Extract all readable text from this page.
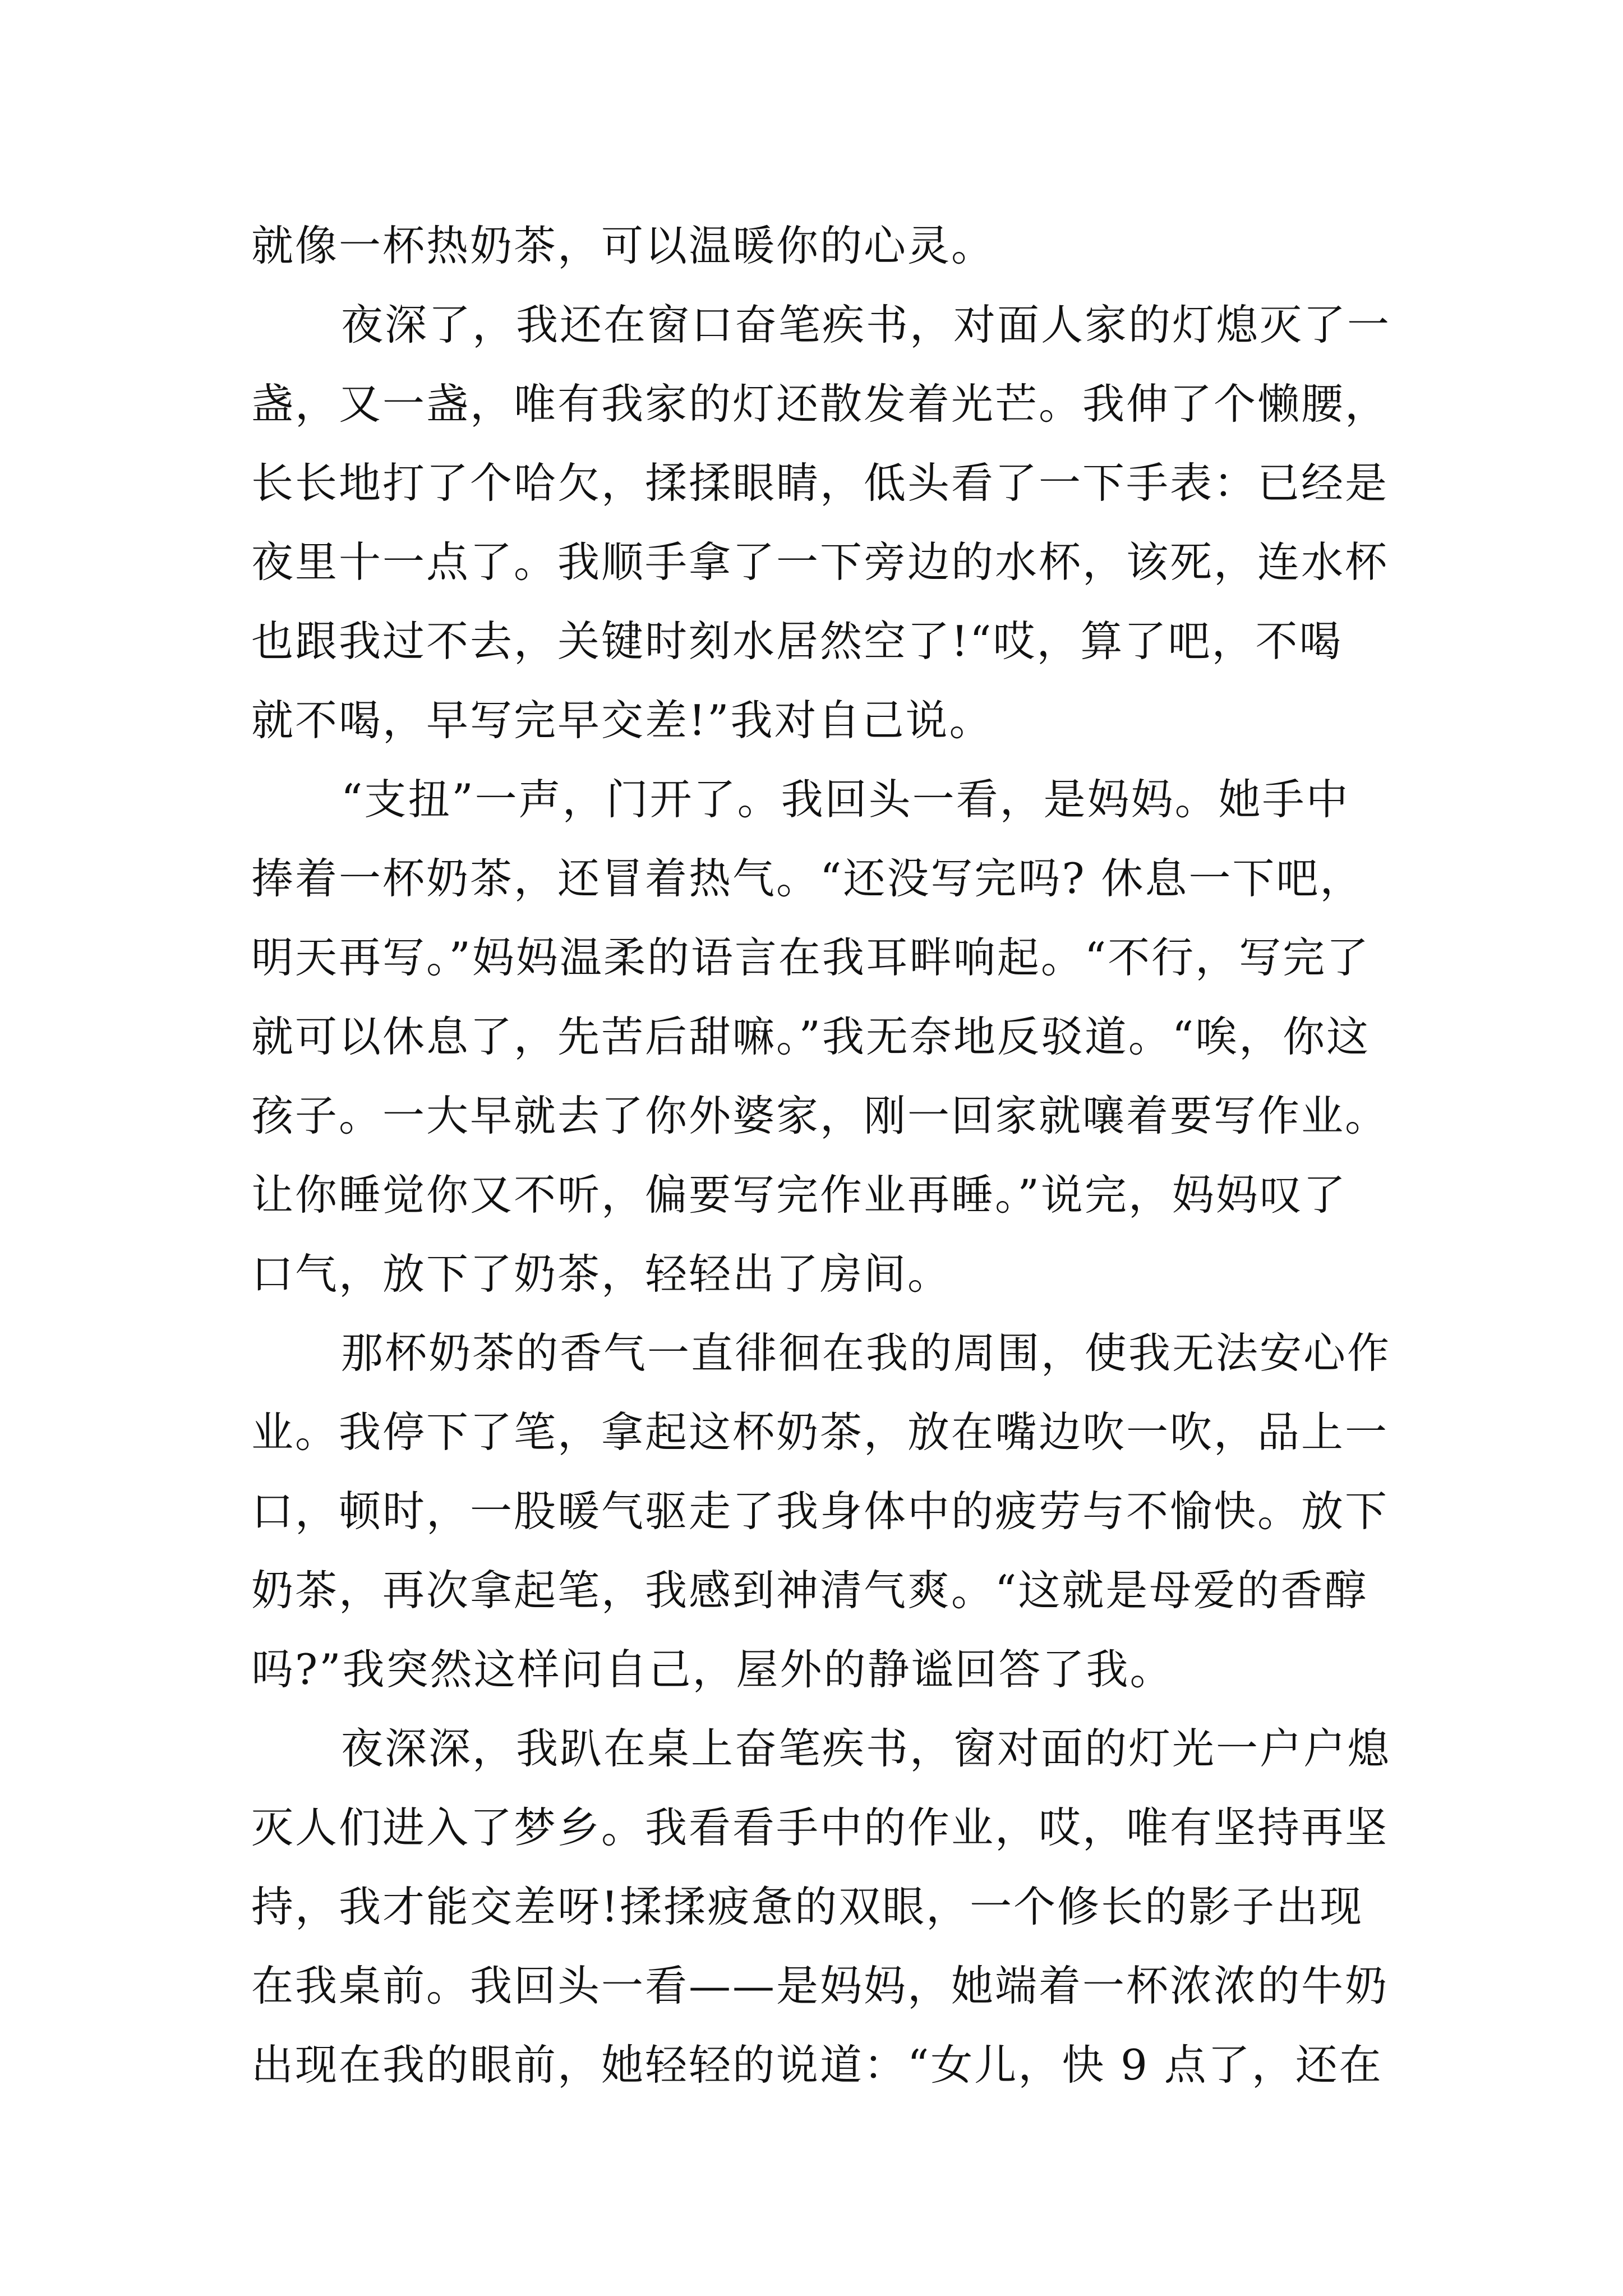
就像一杯热奶茶，可以温暖你的心灵。
夜深了，我还在窗口奋笔疾书，对面人家的灯熄灭了一
盏，又一盏，唯有我家的灯还散发着光芒。我伸了个懒腰，
长长地打了个哈欠，揉揉眼睛，低头看了一下手表：已经是
夜里十一点了。我顺手拿了一下旁边的水杯，该死，连水杯
也跟我过不去，关键时刻水居然空了!“哎，算了吧，不喝
就不喝，早写完早交差!”我对自己说。
“支扭”一声，门开了。我回头一看，是妈妈。她手中
捧着一杯奶茶，还冒着热气。“还没写完吗? 休息一下吧，
明天再写。”妈妈温柔的语言在我耳畔响起。“不行，写完了
就可以休息了，先苦后甜嘛。”我无奈地反驳道。“唉，你这
孩子。一大早就去了你外婆家，刚一回家就嚷着要写作业。
让你睡觉你又不听，偏要写完作业再睡。”说完，妈妈叹了
口气，放下了奶茶，轻轻出了房间。
那杯奶茶的香气一直徘徊在我的周围，使我无法安心作
业。我停下了笔，拿起这杯奶茶，放在嘴边吹一吹，品上一
口，顿时，一股暖气驱走了我身体中的疲劳与不愉快。放下
奶茶，再次拿起笔，我感到神清气爽。“这就是母爱的香醇
吗?”我突然这样问自己，屋外的静谧回答了我。
夜深深，我趴在桌上奋笔疾书，窗对面的灯光一户户熄
灭人们进入了梦乡。我看看手中的作业，哎，唯有坚持再坚
持，我才能交差呀!揉揉疲惫的双眼，一个修长的影子出现
在我桌前。我回头一看——是妈妈，她端着一杯浓浓的牛奶
出现在我的眼前，她轻轻的说道：“女儿，快 9 点了，还在
